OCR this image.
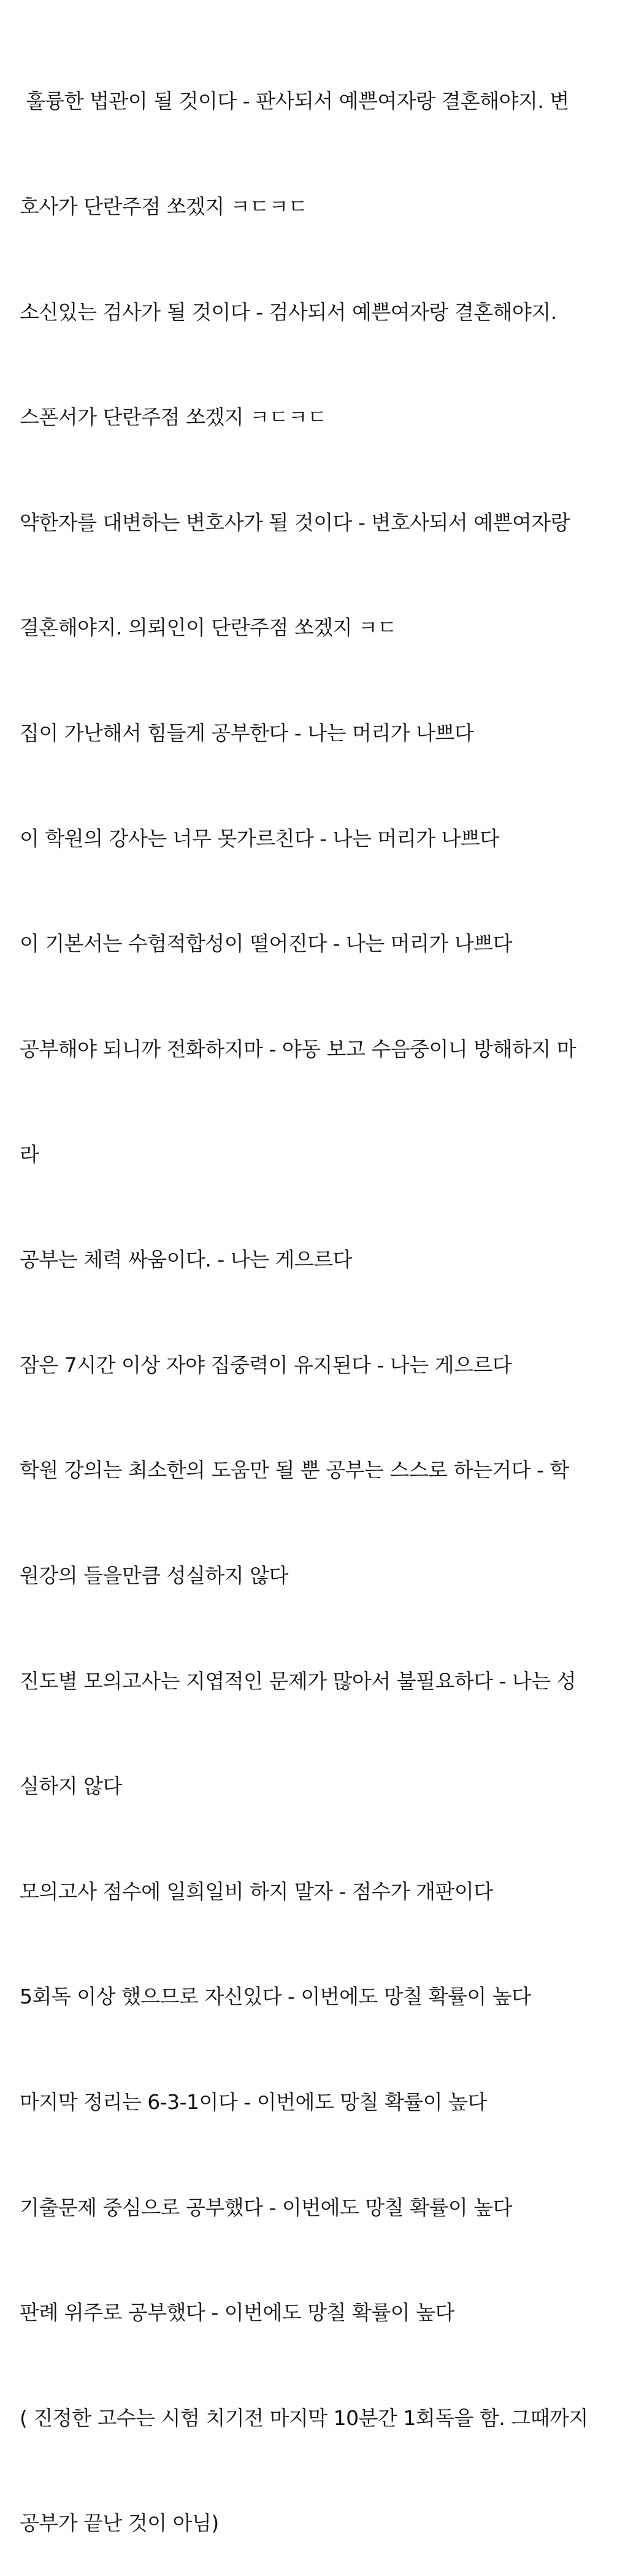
훌륭한 법관이 될 것이다 - 판사되서 예쁜여자랑 결혼해야지. 변

호사가 단란주점 쏘겠지 ㅋㄷㅋㄷ

소신있는 검사가 될 것이다 - 검사되서 예쁜여자랑 결혼해야지.

스폰서가 단란주점 쏘겠지 ㅋㄷㅋㄷ

약한자를 대변하는 변호사가 될 것이다 - 변호사되서 예쁜여자랑

결혼해야지. 의뢰인이 단란주점 쏘겠지 ㅋㄷ

집이 가난해서 힘들게 공부한다 - 나는 머리가 나쁘다

이 학원의 강사는 너무 못가르친다 - 나는 머리가 나쁘다

이 기본서는 수험적합성이 떨어진다 - 나는 머리가 나쁘다

공부해야 되니까 전화하지마 - 야동 보고 수음중이니 방해하지 마

라

공부는 체력 싸움이다. - 나는 게으르다

잠은 7시간 이상 자야 집중력이 유지된다 - 나는 게으르다

학원 강의는 최소한의 도움만 될 뿐 공부는 스스로 하는거다 - 학

원강의 들을만큼 성실하지 않다

진도별 모의고사는 지엽적인 문제가 많아서 불필요하다 - 나는 성

실하지 않다

모의고사 점수에 일희일비 하지 말자 - 점수가 개판이다

5회독 이상 했으므로 자신있다 - 이번에도 망칠 확률이 높다

마지막 정리는 6-3-1이다 - 이번에도 망칠 확률이 높다

기출문제 중심으로 공부했다 - 이번에도 망칠 확률이 높다

판례 위주로 공부했다 - 이번에도 망칠 확률이 높다

( 진정한 고수는 시험 치기전 마지막 10분간 1회독을 함. 그때까지

공부가 끝난 것이 아님)
